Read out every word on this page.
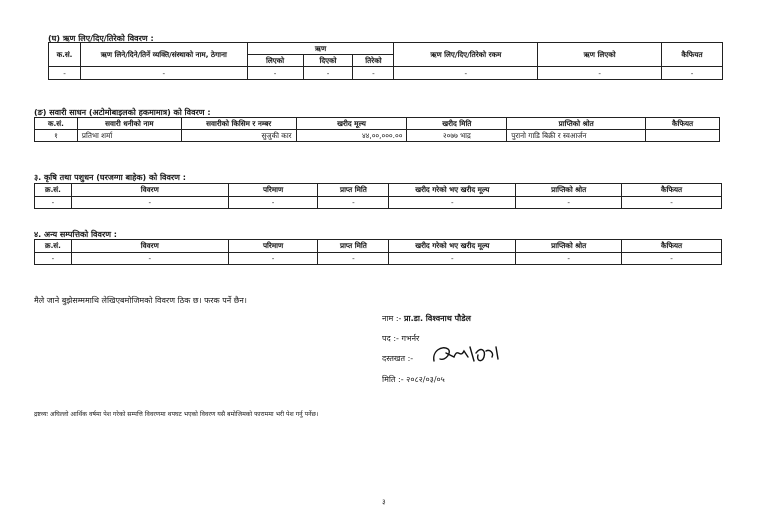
(घ) ऋण लिए/दिए/तिरेको विवरण :
क.सं.	ऋण लिने/दिने/तिर्ने व्यक्ति/संस्थाको नाम, ठेगाना	ऋण			ऋण लिए/दिए/तिरेको रकम	ऋण लिएको	कैफियत
		लिएको	दिएको	तिरेको			
-	-	-	-	-	-	-	-
(ङ) सवारी साधन (अटोमोबाइलको हकमामात्र) को विवरण :
क.सं.	सवारी धनीको नाम	सवारीको किसिम र नम्बर	खरीद मूल्य	खरीद मिति	प्राप्तिको श्रोत	कैफियत
१	प्रतिभा शर्मा	सुजुकी कार	४४,००,०००.००	२०७७ भाद्र	पुरानो गाडि बिक्री र स्वआर्जन	
३. कृषि तथा पशुधन (घरजग्गा बाहेक) को विवरण :
क्र.सं.	विवरण	परिमाण	प्राप्त मिति	खरीद गरेको भए खरीद मूल्य	प्राप्तिको श्रोत	कैफियत
-	-	-	-	-	-	-
४. अन्य सम्पत्तिको विवरण :
क्र.सं.	विवरण	परिमाण	प्राप्त मिति	खरीद गरेको भए खरीद मूल्य	प्राप्तिको श्रोत	कैफियत
-	-	-	-	-	-	-
मैले जाने बुझेसम्ममाथि लेखिएबमोजिमको विवरण ठिक छ। फरक पर्ने छैन।
नाम :- प्रा.डा. विश्वनाथ पौडेल
पद :- गभर्नर
दस्तखत :-
मिति :- २०८२/०३/०५
द्रष्टव्यः अघिल्लो आर्थिक वर्षमा पेश गरेको सम्पत्ति विवरणमा थपघट भएको विवरण यसै बमोजिमको फाराममा भरी पेश गर्नु पर्नेछ।
३
